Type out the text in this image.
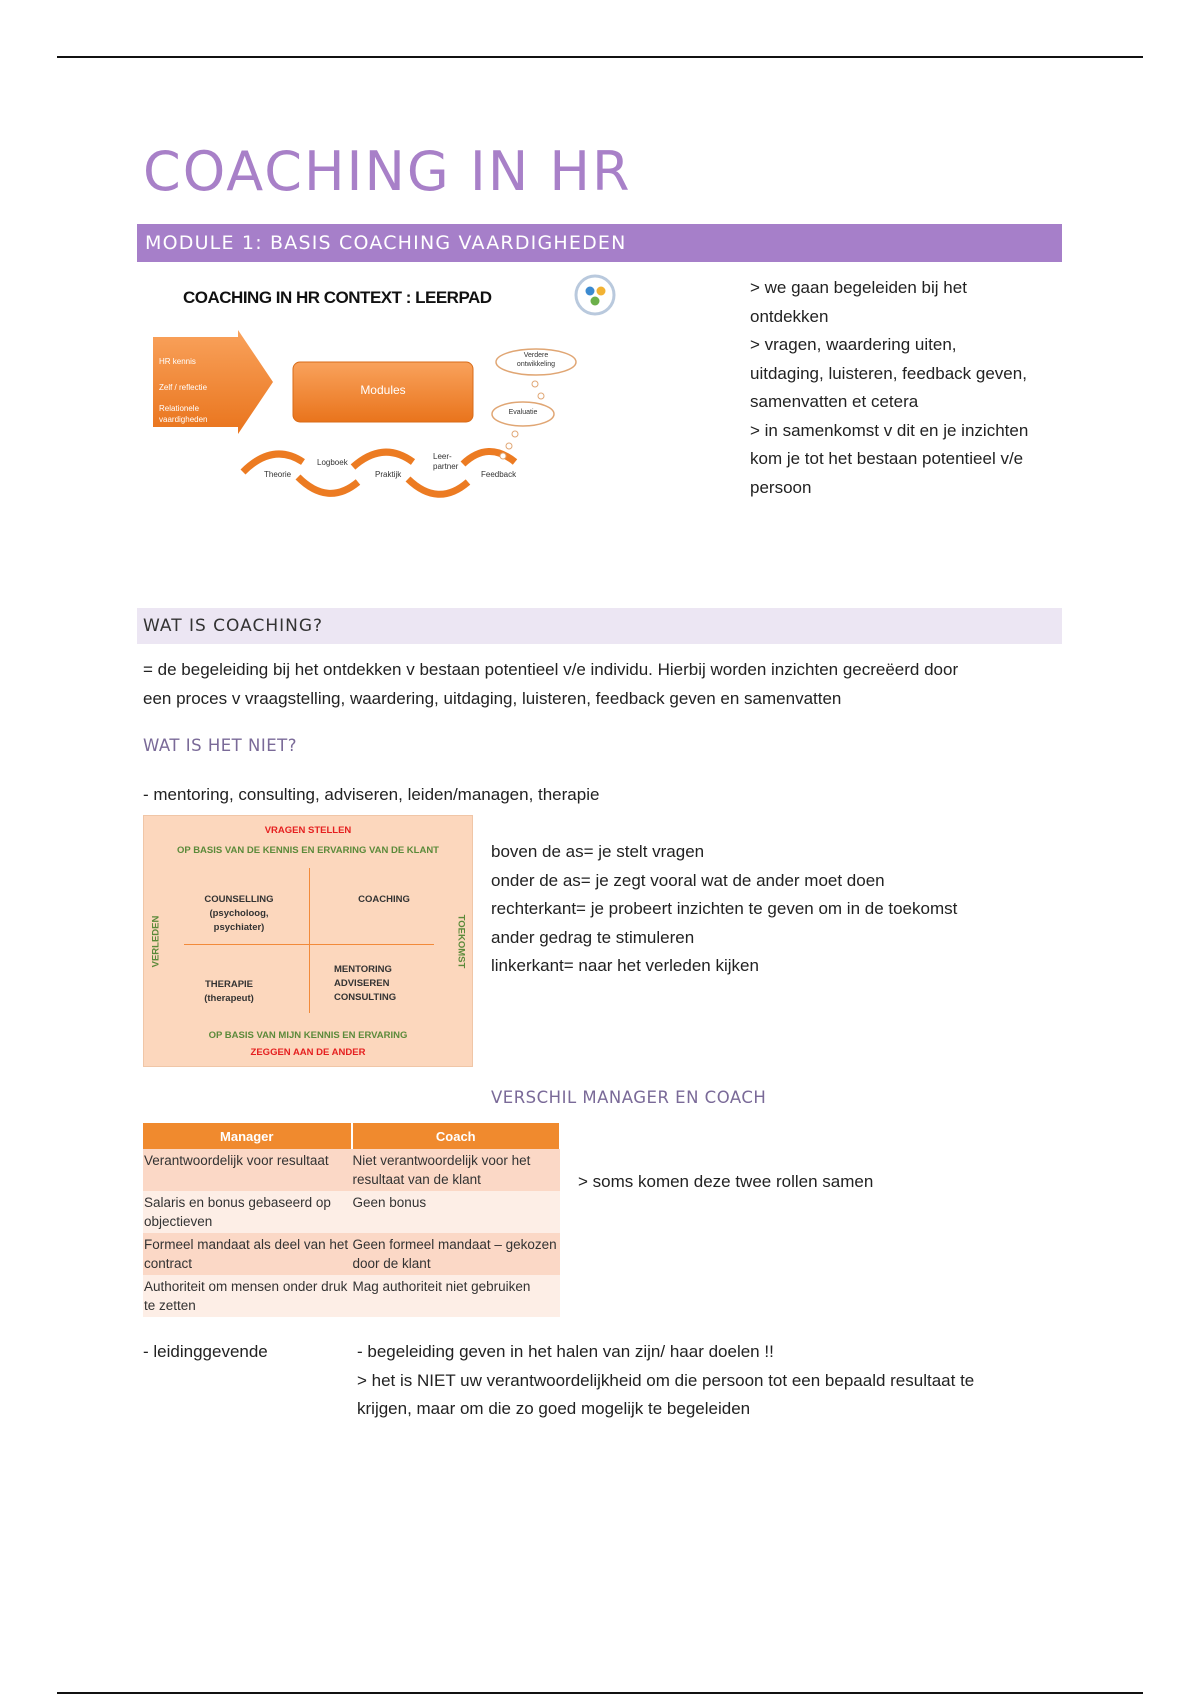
COACHING IN HR
MODULE 1: BASIS COACHING VAARDIGHEDEN
COACHING IN HR CONTEXT : LEERPAD
HR kennis
Zelf / reflectie
Relationele vaardigheden
Menselijkheid
Modules
Theorie
Logboek
Praktijk
Leer-
partner
Feedback
Verdere
ontwikkeling
Evaluatie
> we gaan begeleiden bij het
ontdekken
> vragen, waardering uiten,
uitdaging, luisteren, feedback geven,
samenvatten et cetera
> in samenkomst v dit en je inzichten
kom je tot het bestaan potentieel v/e
persoon
WAT IS COACHING?
= de begeleiding bij het ontdekken v bestaan potentieel v/e individu. Hierbij worden inzichten gecreëerd door
een proces v vraagstelling, waardering, uitdaging, luisteren, feedback geven en samenvatten
WAT IS HET NIET?
- mentoring, consulting, adviseren, leiden/managen, therapie
VRAGEN STELLEN
OP BASIS VAN DE KENNIS EN ERVARING VAN DE KLANT
COUNSELLING
(psycholoog,
psychiater)
COACHING
THERAPIE
(therapeut)
MENTORING
ADVISEREN
CONSULTING
VERLEDEN	TOEKOMST
OP BASIS VAN MIJN KENNIS EN ERVARING
ZEGGEN AAN DE ANDER
boven de as= je stelt vragen
onder de as= je zegt vooral wat de ander moet doen
rechterkant= je probeert inzichten te geven om in de toekomst
ander gedrag te stimuleren
linkerkant= naar het verleden kijken
VERSCHIL MANAGER EN COACH
Manager	Coach
Verantwoordelijk voor resultaat	Niet verantwoordelijk voor het resultaat van de klant
Salaris en bonus gebaseerd op objectieven	Geen bonus
Formeel mandaat als deel van het contract	Geen formeel mandaat – gekozen door de klant
Authoriteit om mensen onder druk te zetten	Mag authoriteit niet gebruiken
> soms komen deze twee rollen samen
- leidinggevende	- begeleiding geven in het halen van zijn/ haar doelen !!
> het is NIET uw verantwoordelijkheid om die persoon tot een bepaald resultaat te
krijgen, maar om die zo goed mogelijk te begeleiden
